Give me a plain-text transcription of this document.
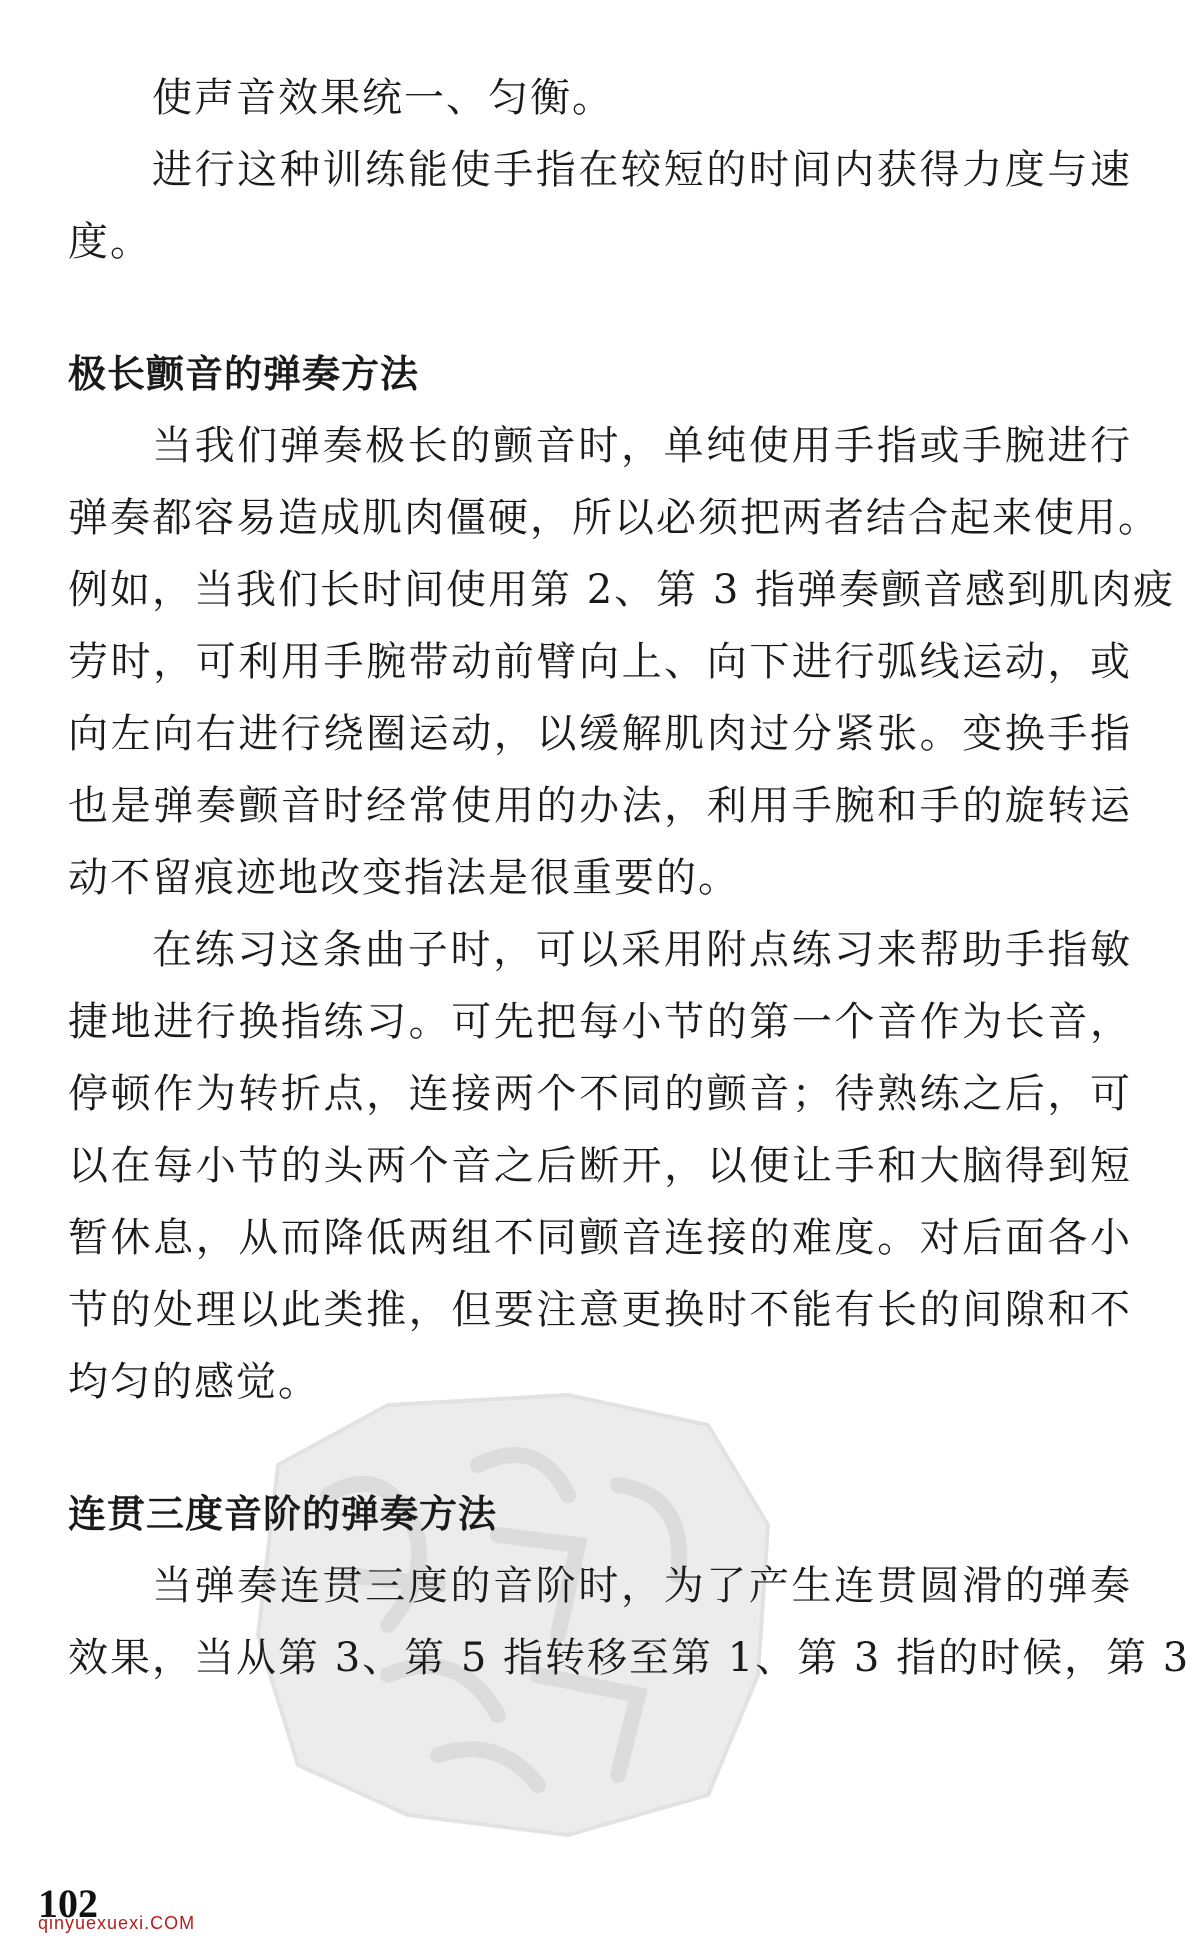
使声音效果统一、匀衡。
进行这种训练能使手指在较短的时间内获得力度与速
度。
极长颤音的弹奏方法
当我们弹奏极长的颤音时，单纯使用手指或手腕进行
弹奏都容易造成肌肉僵硬，所以必须把两者结合起来使用。
例如，当我们长时间使用第 2、第 3 指弹奏颤音感到肌肉疲
劳时，可利用手腕带动前臂向上、向下进行弧线运动，或
向左向右进行绕圈运动，以缓解肌肉过分紧张。变换手指
也是弹奏颤音时经常使用的办法，利用手腕和手的旋转运
动不留痕迹地改变指法是很重要的。
在练习这条曲子时，可以采用附点练习来帮助手指敏
捷地进行换指练习。可先把每小节的第一个音作为长音，
停顿作为转折点，连接两个不同的颤音；待熟练之后，可
以在每小节的头两个音之后断开，以便让手和大脑得到短
暂休息，从而降低两组不同颤音连接的难度。对后面各小
节的处理以此类推，但要注意更换时不能有长的间隙和不
均匀的感觉。
连贯三度音阶的弹奏方法
当弹奏连贯三度的音阶时，为了产生连贯圆滑的弹奏
效果，当从第 3、第 5 指转移至第 1、第 3 指的时候，第 3
102
qinyuexuexi.COM
